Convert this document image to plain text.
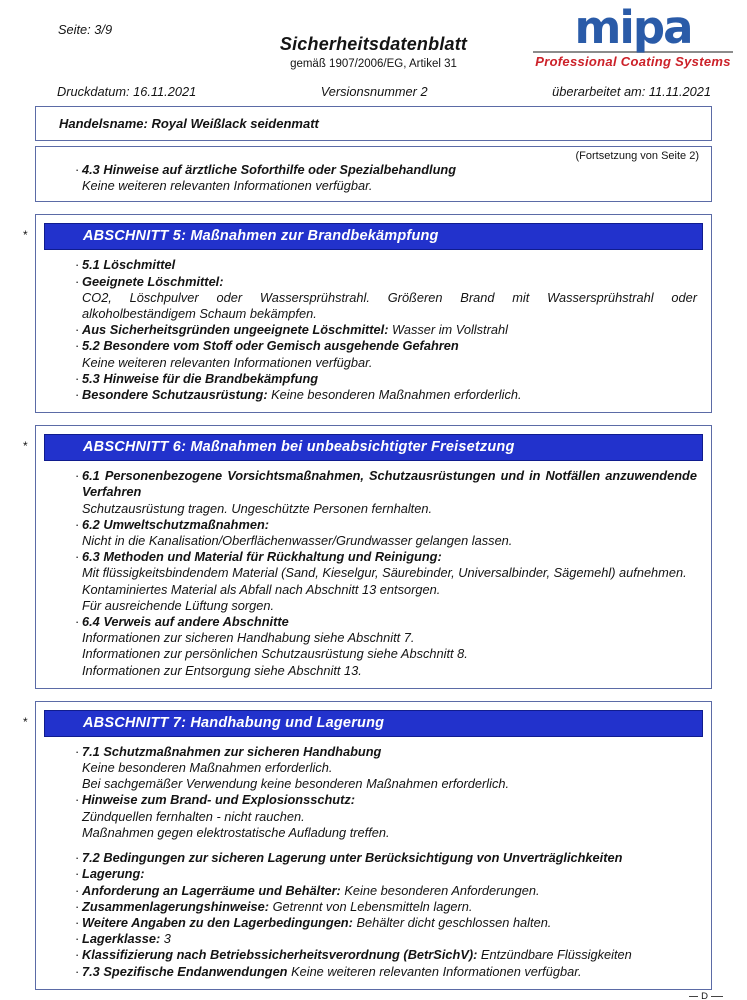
Seite: 3/9
Sicherheitsdatenblatt
gemäß 1907/2006/EG, Artikel 31
mipa
Professional Coating Systems
Druckdatum: 16.11.2021	Versionsnummer 2	überarbeitet am: 11.11.2021
Handelsname: Royal Weißlack seidenmatt
(Fortsetzung von Seite 2)
· 4.3 Hinweise auf ärztliche Soforthilfe oder Spezialbehandlung
Keine weiteren relevanten Informationen verfügbar.
*	ABSCHNITT 5: Maßnahmen zur Brandbekämpfung
· 5.1 Löschmittel
· Geeignete Löschmittel:
CO2, Löschpulver oder Wassersprühstrahl. Größeren Brand mit Wassersprühstrahl oder alkoholbeständigem Schaum bekämpfen.
· Aus Sicherheitsgründen ungeeignete Löschmittel: Wasser im Vollstrahl
· 5.2 Besondere vom Stoff oder Gemisch ausgehende Gefahren
Keine weiteren relevanten Informationen verfügbar.
· 5.3 Hinweise für die Brandbekämpfung
· Besondere Schutzausrüstung: Keine besonderen Maßnahmen erforderlich.
*	ABSCHNITT 6: Maßnahmen bei unbeabsichtigter Freisetzung
· 6.1 Personenbezogene Vorsichtsmaßnahmen, Schutzausrüstungen und in Notfällen anzuwendende Verfahren
Schutzausrüstung tragen. Ungeschützte Personen fernhalten.
· 6.2 Umweltschutzmaßnahmen:
Nicht in die Kanalisation/Oberflächenwasser/Grundwasser gelangen lassen.
· 6.3 Methoden und Material für Rückhaltung und Reinigung:
Mit flüssigkeitsbindendem Material (Sand, Kieselgur, Säurebinder, Universalbinder, Sägemehl) aufnehmen.
Kontaminiertes Material als Abfall nach Abschnitt 13 entsorgen.
Für ausreichende Lüftung sorgen.
· 6.4 Verweis auf andere Abschnitte
Informationen zur sicheren Handhabung siehe Abschnitt 7.
Informationen zur persönlichen Schutzausrüstung siehe Abschnitt 8.
Informationen zur Entsorgung siehe Abschnitt 13.
*	ABSCHNITT 7: Handhabung und Lagerung
· 7.1 Schutzmaßnahmen zur sicheren Handhabung
Keine besonderen Maßnahmen erforderlich.
Bei sachgemäßer Verwendung keine besonderen Maßnahmen erforderlich.
· Hinweise zum Brand- und Explosionsschutz:
Zündquellen fernhalten - nicht rauchen.
Maßnahmen gegen elektrostatische Aufladung treffen.
· 7.2 Bedingungen zur sicheren Lagerung unter Berücksichtigung von Unverträglichkeiten
· Lagerung:
· Anforderung an Lagerräume und Behälter: Keine besonderen Anforderungen.
· Zusammenlagerungshinweise: Getrennt von Lebensmitteln lagern.
· Weitere Angaben zu den Lagerbedingungen: Behälter dicht geschlossen halten.
· Lagerklasse: 3
· Klassifizierung nach Betriebssicherheitsverordnung (BetrSichV): Entzündbare Flüssigkeiten
· 7.3 Spezifische Endanwendungen Keine weiteren relevanten Informationen verfügbar.
D
